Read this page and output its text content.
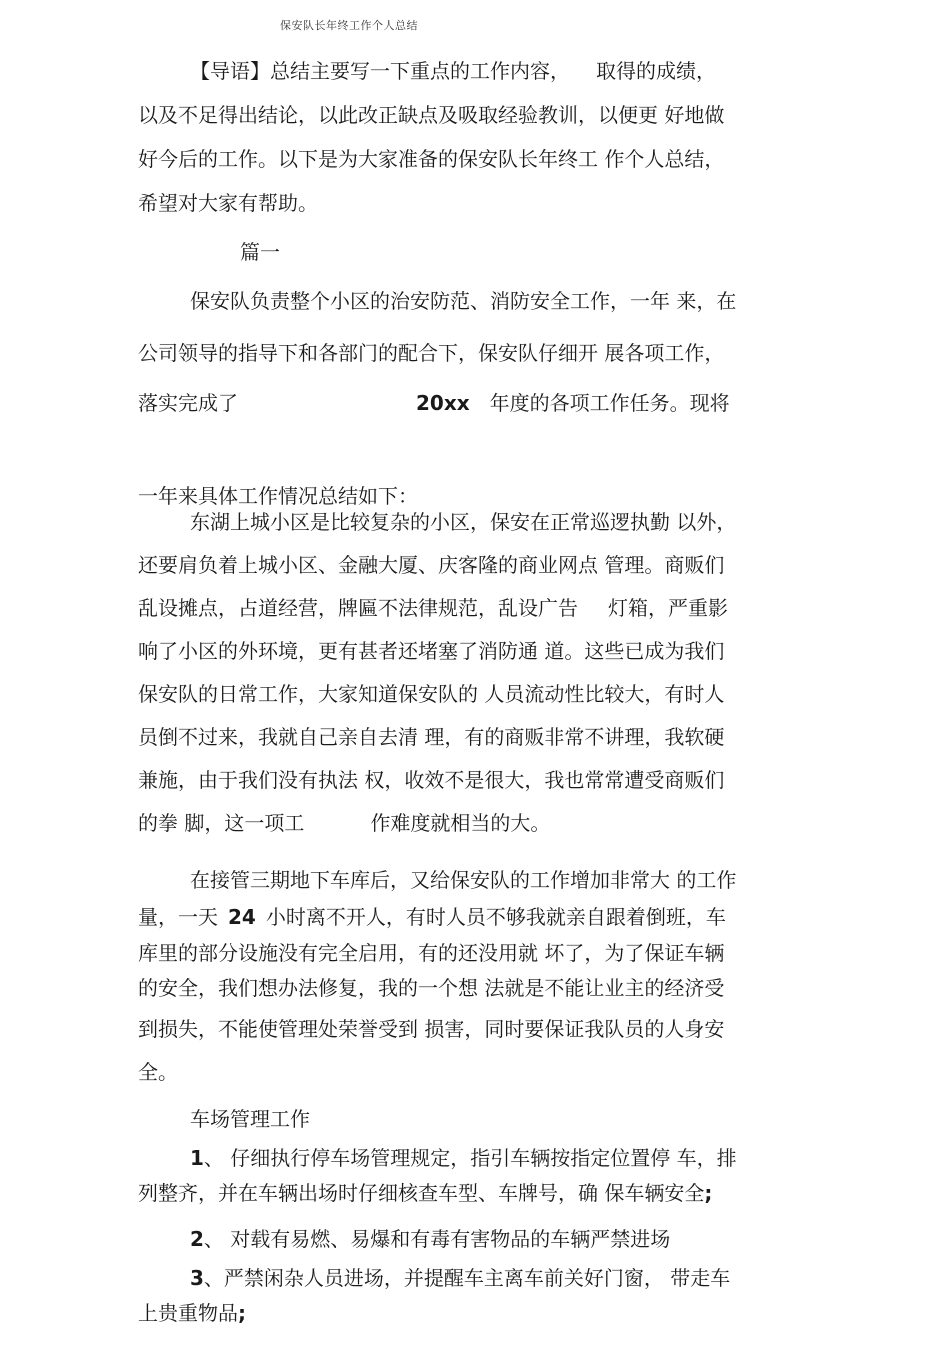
保安队长年终工作个人总结
【导语】总结主要写一下重点的工作内容， 取得的成绩，
以及不足得出结论，以此改正缺点及吸取经验教训，以便更 好地做
好今后的工作。以下是为大家准备的保安队长年终工 作个人总结，
希望对大家有帮助。
篇一
保安队负责整个小区的治安防范、消防安全工作，一年 来，在
公司领导的指导下和各部门的配合下，保安队仔细开 展各项工作，
落实完成了	20xx 年度的各项工作任务。现将
一年来具体工作情况总结如下：
东湖上城小区是比较复杂的小区，保安在正常巡逻执勤 以外，
还要肩负着上城小区、金融大厦、庆客隆的商业网点 管理。商贩们
乱设摊点，占道经营，牌匾不法律规范，乱设广告 灯箱，严重影
响了小区的外环境，更有甚者还堵塞了消防通 道。这些已成为我们
保安队的日常工作，大家知道保安队的 人员流动性比较大，有时人
员倒不过来，我就自己亲自去清 理，有的商贩非常不讲理，我软硬
兼施，由于我们没有执法 权，收效不是很大，我也常常遭受商贩们
的拳 脚，这一项工	作难度就相当的大。
在接管三期地下车库后，又给保安队的工作增加非常大 的工作
量，一天 24 小时离不开人，有时人员不够我就亲自跟着倒班，车
库里的部分设施没有完全启用，有的还没用就 坏了，为了保证车辆
的安全，我们想办法修复，我的一个想 法就是不能让业主的经济受
到损失，不能使管理处荣誉受到 损害，同时要保证我队员的人身安
全。
车场管理工作
1、 仔细执行停车场管理规定，指引车辆按指定位置停 车，排
列整齐，并在车辆出场时仔细核查车型、车牌号，确 保车辆安全;
2、 对载有易燃、易爆和有毒有害物品的车辆严禁进场
3、严禁闲杂人员进场，并提醒车主离车前关好门窗， 带走车
上贵重物品;
